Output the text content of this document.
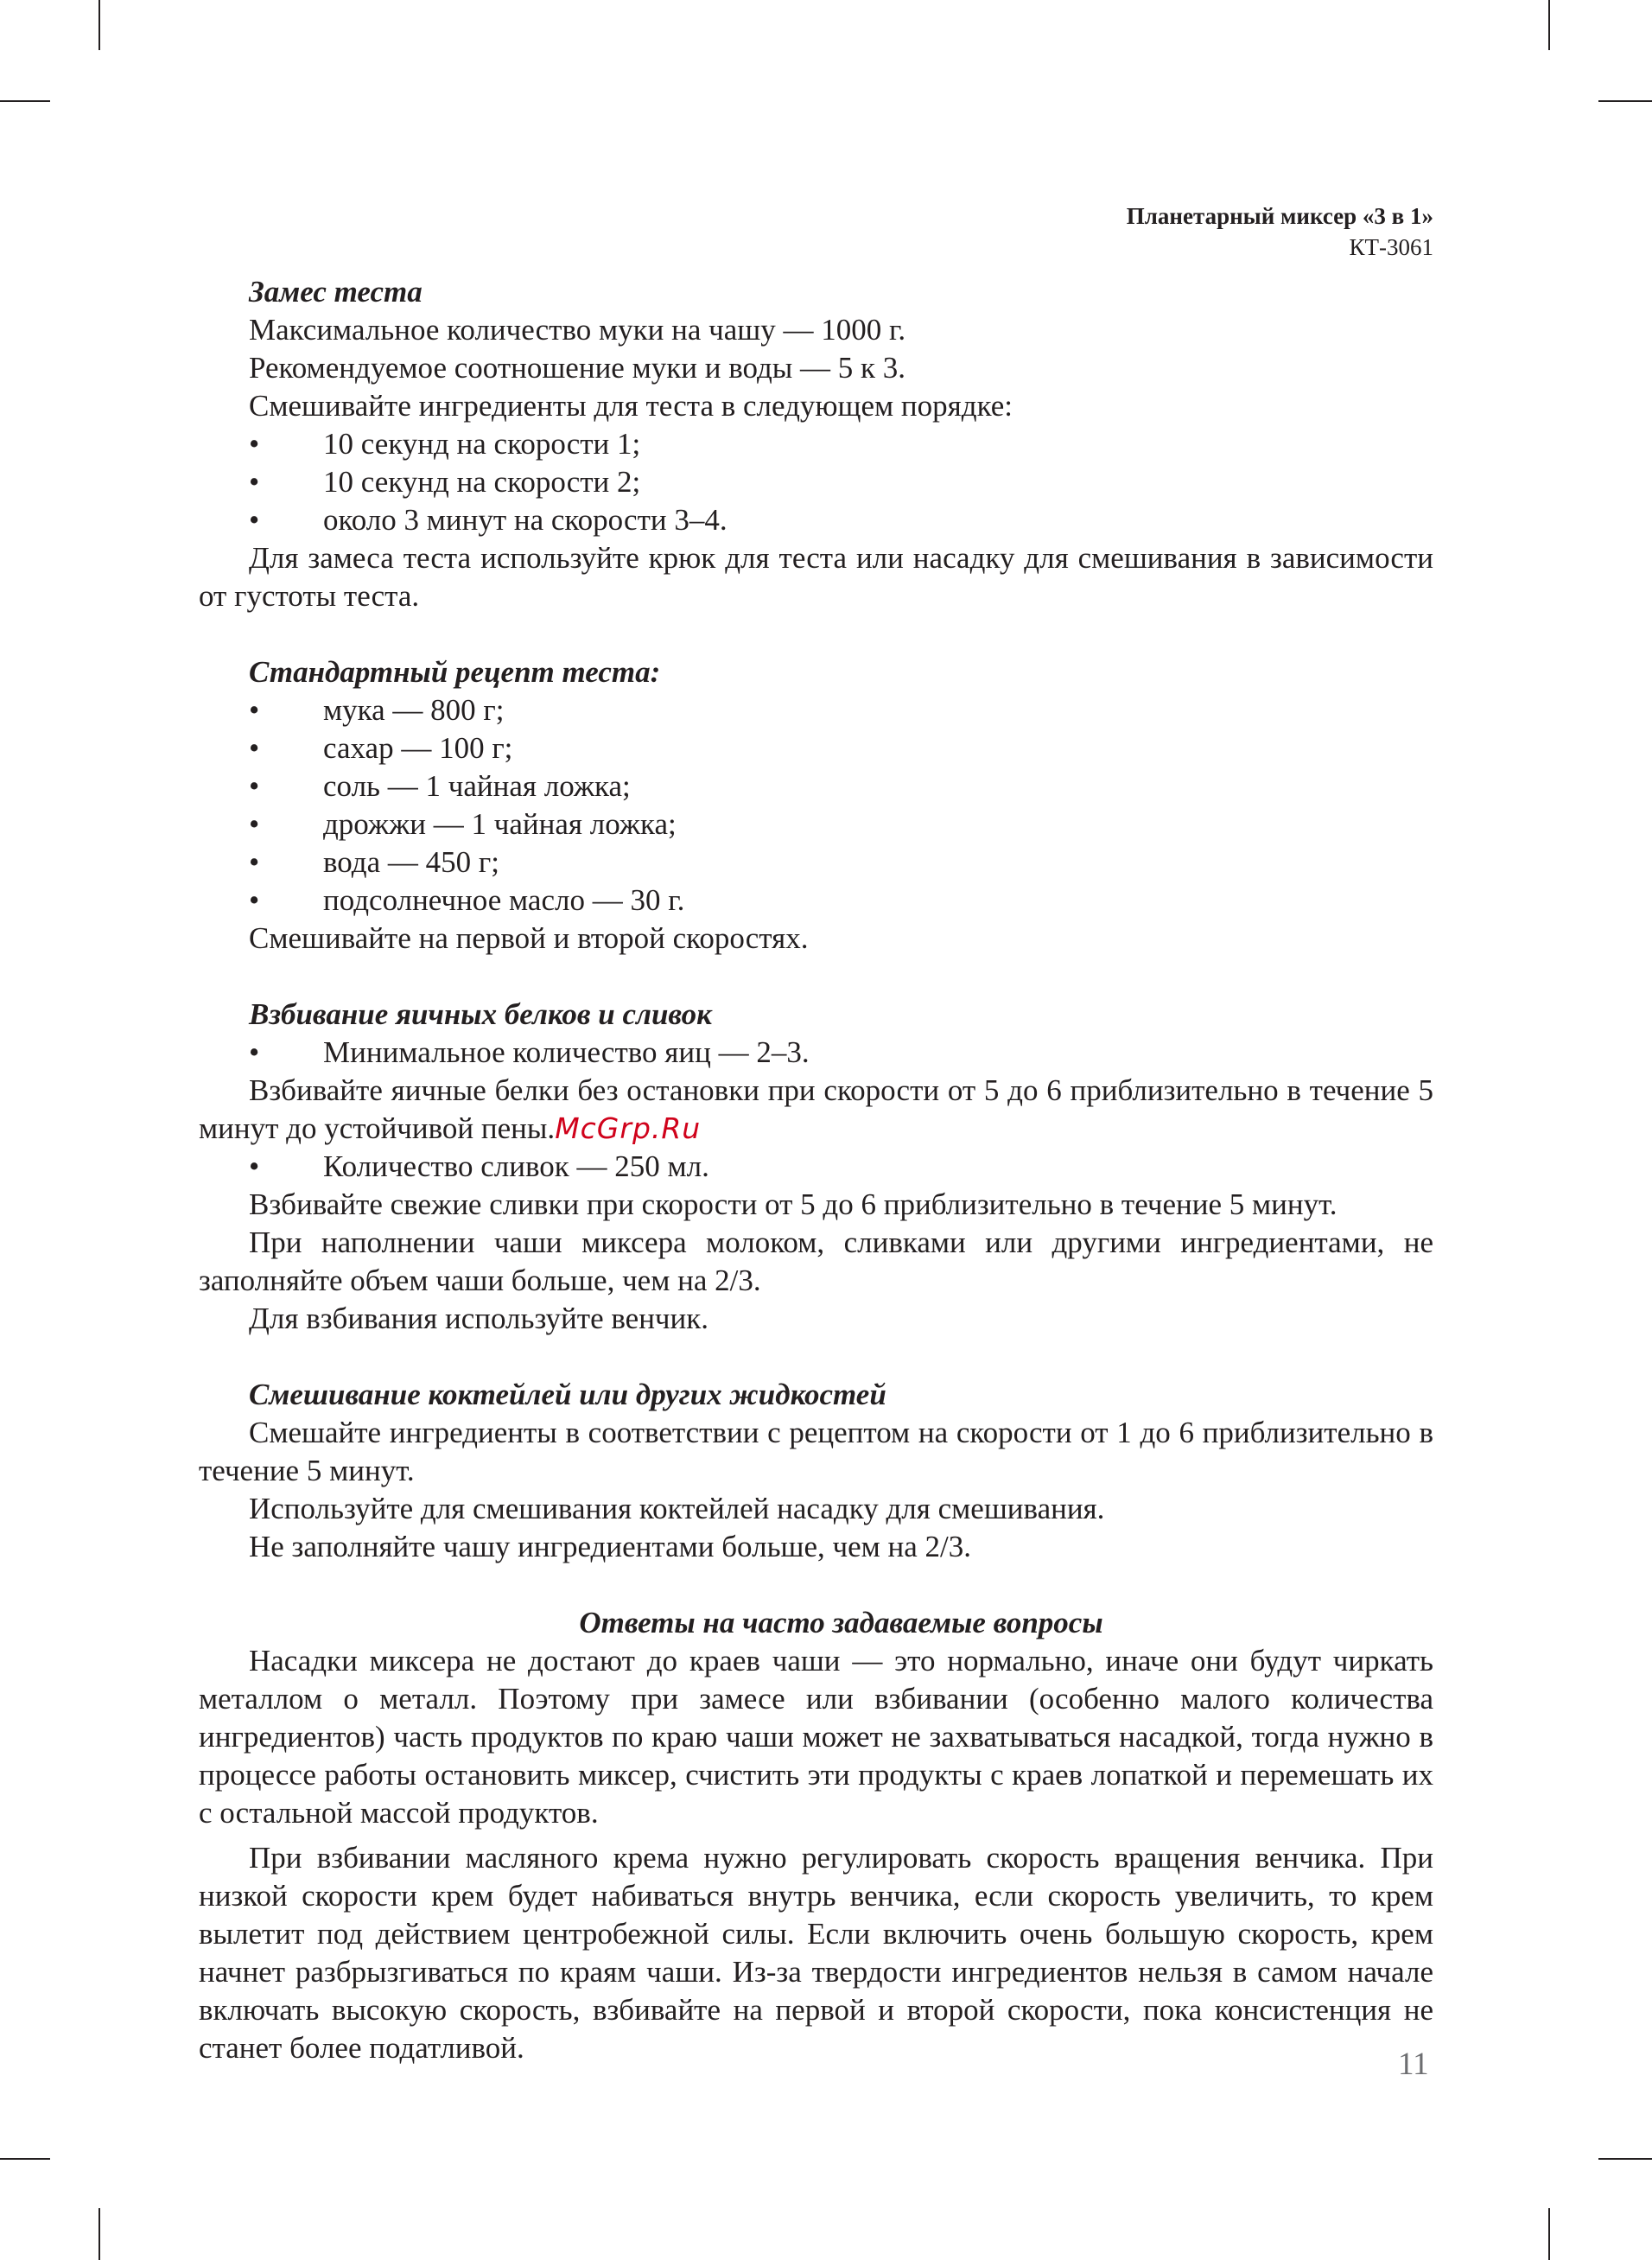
Планетарный миксер «3 в 1»
КТ-3061

Замес теста

Максимальное количество муки на чашу — 1000 г.

Рекомендуемое соотношение муки и воды — 5 к 3.

Смешивайте ингредиенты для теста в следующем порядке:

• 10 секунд на скорости 1;

• 10 секунд на скорости 2;

• около 3 минут на скорости 3–4.

Для замеса теста используйте крюк для теста или насадку для смешивания в зависимости от густоты теста.

Стандартный рецепт теста:

• мука — 800 г;

• сахар — 100 г;

• соль — 1 чайная ложка;

• дрожжи — 1 чайная ложка;

• вода — 450 г;

• подсолнечное масло — 30 г.

Смешивайте на первой и второй скоростях.

Взбивание яичных белков и сливок

• Минимальное количество яиц — 2–3.

Взбивайте яичные белки без остановки при скорости от 5 до 6 приблизительно в течение 5 минут до устойчивой пены.McGrp.Ru

• Количество сливок — 250 мл.

Взбивайте свежие сливки при скорости от 5 до 6 приблизительно в течение 5 минут.

При наполнении чаши миксера молоком, сливками или другими ингредиентами, не заполняйте объем чаши больше, чем на 2/3.

Для взбивания используйте венчик.

Смешивание коктейлей или других жидкостей

Смешайте ингредиенты в соответствии с рецептом на скорости от 1 до 6 приблизительно в течение 5 минут.

Используйте для смешивания коктейлей насадку для смешивания.

Не заполняйте чашу ингредиентами больше, чем на 2/3.

Ответы на часто задаваемые вопросы

Насадки миксера не достают до краев чаши — это нормально, иначе они будут чиркать металлом о металл. Поэтому при замесе или взбивании (особенно малого количества ингредиентов) часть продуктов по краю чаши может не захватываться насадкой, тогда нужно в процессе работы остановить миксер, счистить эти продукты с краев лопаткой и перемешать их с остальной массой продуктов.

При взбивании масляного крема нужно регулировать скорость вращения венчика. При низкой скорости крем будет набиваться внутрь венчика, если скорость увеличить, то крем вылетит под действием центробежной силы. Если включить очень большую скорость, крем начнет разбрызгиваться по краям чаши. Из-за твердости ингредиентов нельзя в самом начале включать высокую скорость, взбивайте на первой и второй скорости, пока консистенция не станет более податливой.	11
